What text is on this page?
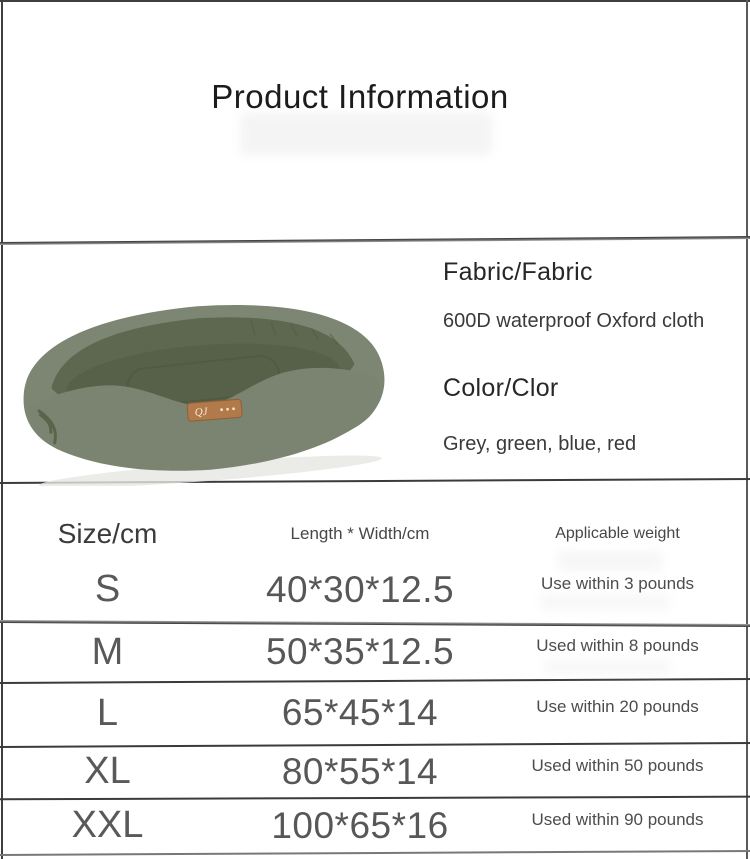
Product Information
QJ
Fabric/Fabric
600D waterproof Oxford cloth
Color/Clor
Grey, green, blue, red
Size/cm	Length * Width/cm	Applicable weight
S	40*30*12.5	Use within 3 pounds
M	50*35*12.5	Used within 8 pounds
L	65*45*14	Use within 20 pounds
XL	80*55*14	Used within 50 pounds
XXL	100*65*16	Used within 90 pounds
